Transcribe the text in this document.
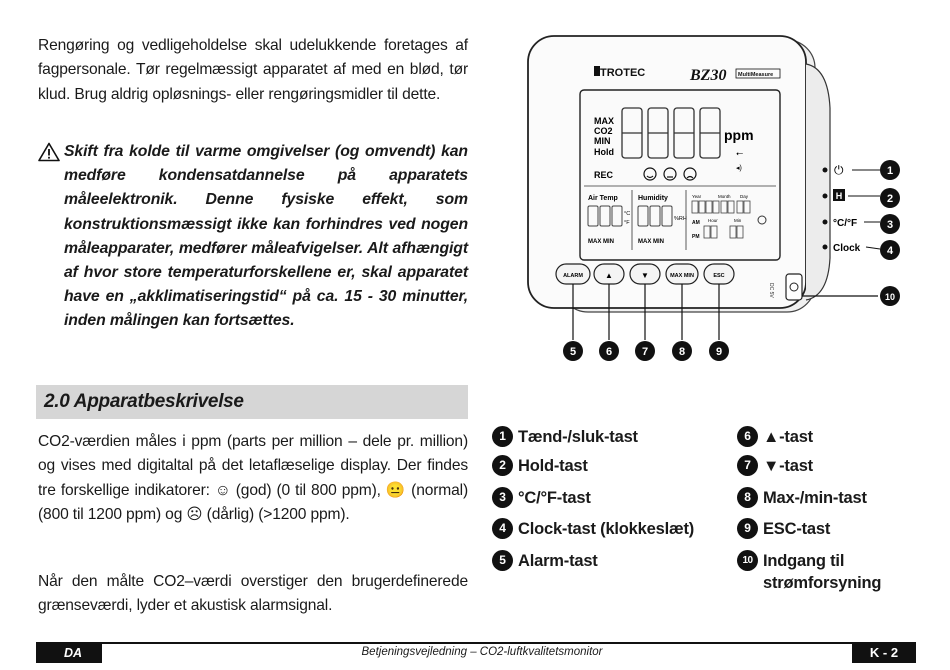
Rengøring og vedligeholdelse skal udelukkende foretages af fagpersonale. Tør regelmæssigt apparatet af med en blød, tør klud. Brug aldrig opløsnings- eller rengøringsmidler til dette.
Skift fra kolde til varme omgivelser (og omvendt) kan medføre kondensatdannelse på apparatets måleelektronik. Denne fysiske effekt, som konstruktionsmæssigt ikke kan forhindres ved nogen måleapparater, medfører måleafvigelser. Alt afhængigt af hvor store temperaturforskellene er, skal apparatet have en „akklimatiseringstid“ på ca. 15 - 30 minutter, inden målingen kan fortsættes.
2.0 Apparatbeskrivelse
CO2-værdien måles i ppm (parts per million – dele pr. million) og vises med digitaltal på det letaflæselige display. Der findes tre forskellige indikatorer: ☺ (god) (0 til 800 ppm), 😐 (normal) (800 til 1200 ppm) og ☹ (dårlig) (>1200 ppm).
Når den målte CO2–værdi overstiger den brugerdefinerede grænseværdi, lyder et akustisk alarmsignal.
DC 5V
TROTEC	BZ30 MultiMeasure
MAX
CO2
MIN
Hold
ppm
⭠
◂)
REC
Air Temp
°C
°F
MAX MIN
Humidity
%RH
MAX MIN
Year	Month Day
AM
PM
Hour	Min
ALARM	▲	▼	MAX MIN	ESC
5	6	7	8	9
⏻	1
H	2
°C/°F	3
Clock 4
10
1 Tænd-/sluk-tast
2 Hold-tast
3 °C/°F-tast
4 Clock-tast (klokkeslæt)
5 Alarm-tast
6 ▲-tast
7 ▼-tast
8 Max-/min-tast
9 ESC-tast
10 Indgang til
strømforsyning
DA	Betjeningsvejledning – CO2-luftkvalitetsmonitor	K - 2
